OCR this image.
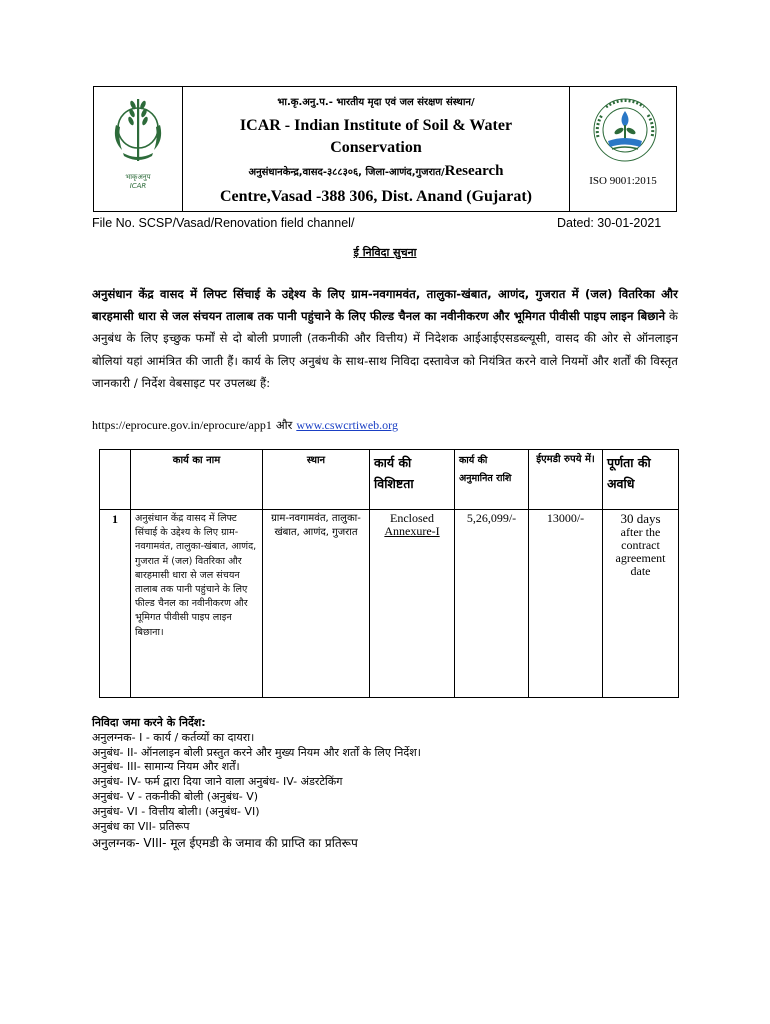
भाकृअनुप
ICAR
भा.कृ.अनु.प.- भारतीय मृदा एवं जल संरक्षण संस्थान/
ICAR - Indian Institute of Soil & Water
Conservation
अनुसंधानकेन्द्र,वासद-३८८३०६, जिला-आणंद,गुजरात/Research
Centre,Vasad -388 306, Dist. Anand (Gujarat)
ISO 9001:2015
File No. SCSP/Vasad/Renovation field channel/	Dated: 30-01-2021
ई निविदा सुचना
अनुसंधान केंद्र वासद में लिफ्ट सिंचाई के उद्देश्य के लिए ग्राम-नवगामवंत, तालुका-खंबात, आणंद, गुजरात में (जल) वितरिका और बारहमासी धारा से जल संचयन तालाब तक पानी पहुंचाने के लिए फील्ड चैनल का नवीनीकरण और भूमिगत पीवीसी पाइप लाइन बिछाने के अनुबंध के लिए इच्छुक फर्मों से दो बोली प्रणाली (तकनीकी और वित्तीय) में निदेशक आईआईएसडब्ल्यूसी, वासद की ओर से ऑनलाइन बोलियां यहां आमंत्रित की जाती हैं। कार्य के लिए अनुबंध के साथ-साथ निविदा दस्तावेज को नियंत्रित करने वाले नियमों और शर्तों की विस्तृत जानकारी / निर्देश वेबसाइट पर उपलब्ध हैं:
https://eprocure.gov.in/eprocure/app1 और www.cswcrtiweb.org
	कार्य का नाम	स्थान	कार्य की विशिष्टता	कार्य की अनुमानित राशि	ईएमडी रुपये में।	पूर्णता की अवधि
1	अनुसंधान केंद्र वासद में लिफ्ट सिंचाई के उद्देश्य के लिए ग्राम-नवगामवंत, तालुका-खंबात, आणंद, गुजरात में (जल) वितरिका और बारहमासी धारा से जल संचयन तालाब तक पानी पहुंचाने के लिए फील्ड चैनल का नवीनीकरण और भूमिगत पीवीसी पाइप लाइन बिछाना।	ग्राम-नवगामवंत, तालुका-खंबात, आणंद, गुजरात	Enclosed
Annexure-I	5,26,099/-	13000/-	30 days
after the contract agreement date
निविदा जमा करने के निर्देश:
अनुलग्नक- I - कार्य / कर्तव्यों का दायरा।
अनुबंध- II- ऑनलाइन बोली प्रस्तुत करने और मुख्य नियम और शर्तों के लिए निर्देश।
अनुबंध- III- सामान्य नियम और शर्तें।
अनुबंध- IV- फर्म द्वारा दिया जाने वाला अनुबंध- IV- अंडरटेकिंग
अनुबंध- V - तकनीकी बोली (अनुबंध- V)
अनुबंध- VI - वित्तीय बोली। (अनुबंध- VI)
अनुबंध का VII- प्रतिरूप
अनुलग्नक- VIII- मूल ईएमडी के जमाव की प्राप्ति का प्रतिरूप
